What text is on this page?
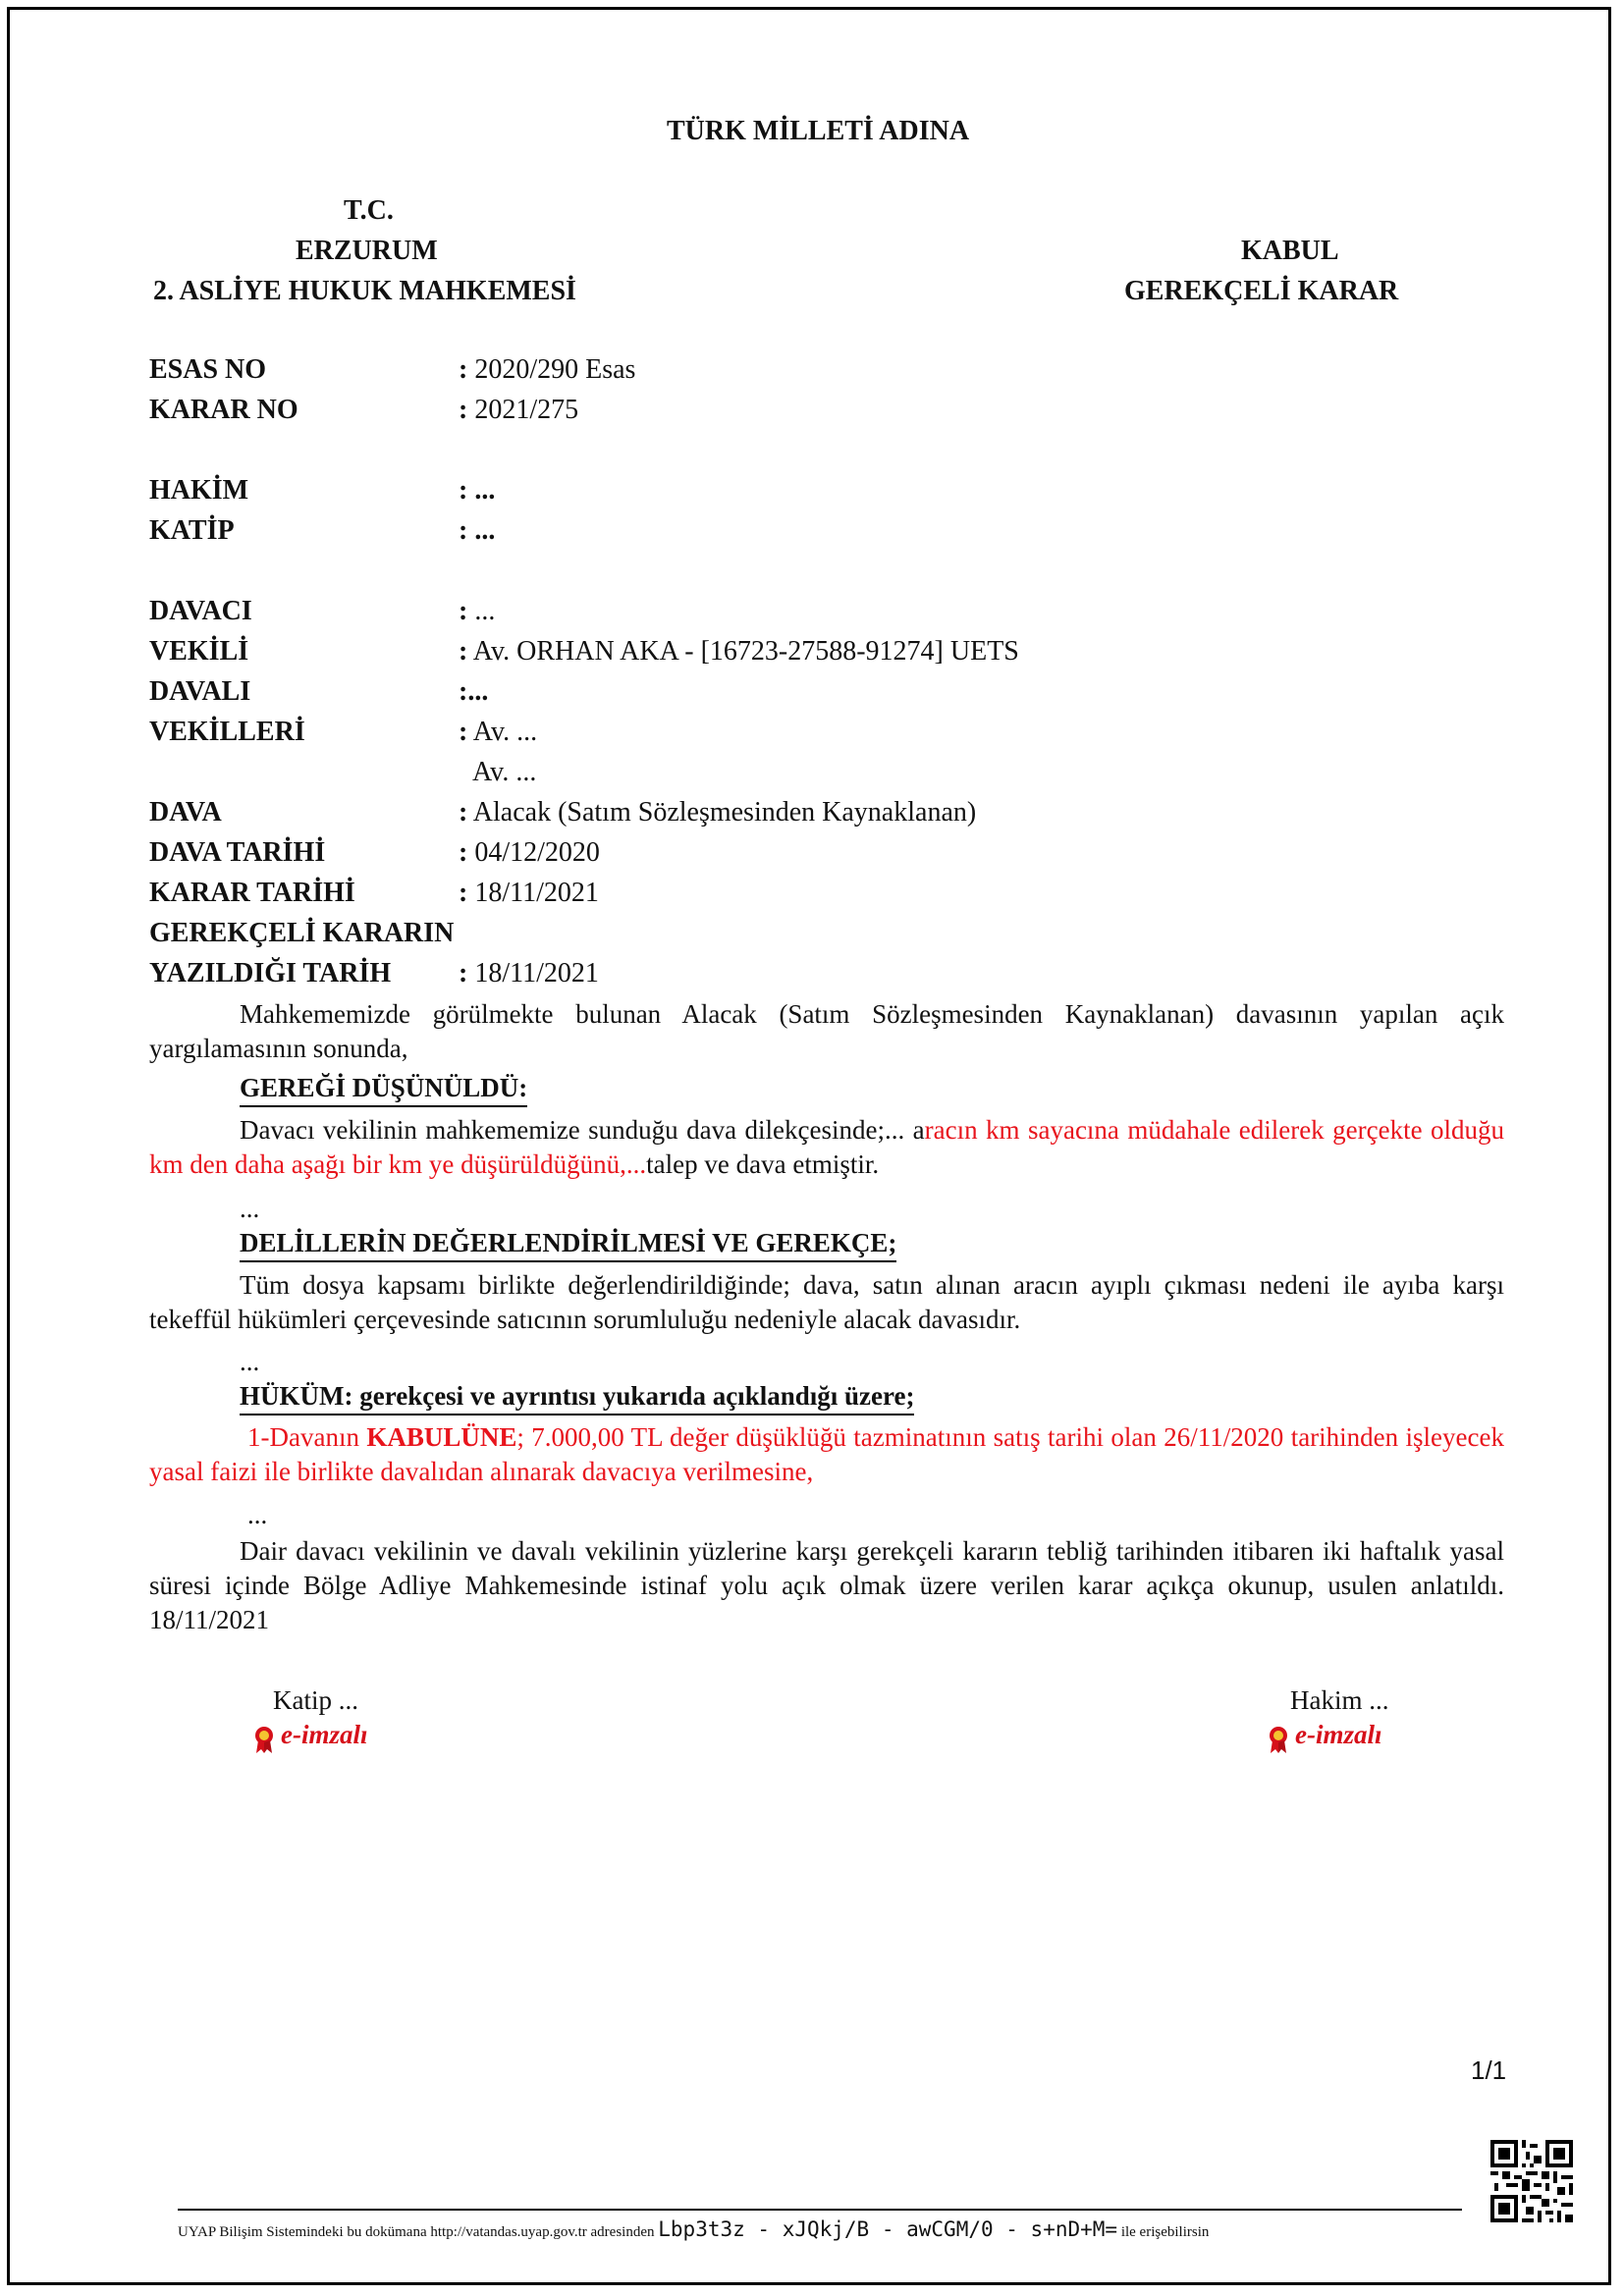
TÜRK MİLLETİ ADINA
T.C.
ERZURUM
2. ASLİYE HUKUK MAHKEMESİ
KABUL
GEREKÇELİ KARAR
ESAS NO	: 2020/290 Esas
KARAR NO	: 2021/275
HAKİM	: ...
KATİP	: ...
DAVACI	: ...
VEKİLİ	: Av. ORHAN AKA - [16723-27588-91274] UETS
DAVALI	:...
VEKİLLERİ	: Av. ...
Av. ...
DAVA	: Alacak (Satım Sözleşmesinden Kaynaklanan)
DAVA TARİHİ	: 04/12/2020
KARAR TARİHİ	: 18/11/2021
GEREKÇELİ KARARIN
YAZILDIĞI TARİH : 18/11/2021
Mahkememizde görülmekte bulunan Alacak (Satım Sözleşmesinden Kaynaklanan) davasının yapılan açık yargılamasının sonunda,
GEREĞİ DÜŞÜNÜLDÜ:
Davacı vekilinin mahkememize sunduğu dava dilekçesinde;... aracın km sayacına müdahale edilerek gerçekte olduğu km den daha aşağı bir km ye düşürüldüğünü,...talep ve dava etmiştir.
...
DELİLLERİN DEĞERLENDİRİLMESİ VE GEREKÇE;
Tüm dosya kapsamı birlikte değerlendirildiğinde; dava, satın alınan aracın ayıplı çıkması nedeni ile ayıba karşı tekeffül hükümleri çerçevesinde satıcının sorumluluğu nedeniyle alacak davasıdır.
...
HÜKÜM: gerekçesi ve ayrıntısı yukarıda açıklandığı üzere;
1-Davanın KABULÜNE; 7.000,00 TL değer düşüklüğü tazminatının satış tarihi olan 26/11/2020 tarihinden işleyecek yasal faizi ile birlikte davalıdan alınarak davacıya verilmesine,
...
Dair davacı vekilinin ve davalı vekilinin yüzlerine karşı gerekçeli kararın tebliğ tarihinden itibaren iki haftalık yasal süresi içinde Bölge Adliye Mahkemesinde istinaf yolu açık olmak üzere verilen karar açıkça okunup, usulen anlatıldı. 18/11/2021
Katip ...
e-imzalı
Hakim ...
e-imzalı
1/1
UYAP Bilişim Sistemindeki bu dokümana http://vatandas.uyap.gov.tr adresinden Lbp3t3z - xJQkj/B - awCGM/0 - s+nD+M= ile erişebilirsin
